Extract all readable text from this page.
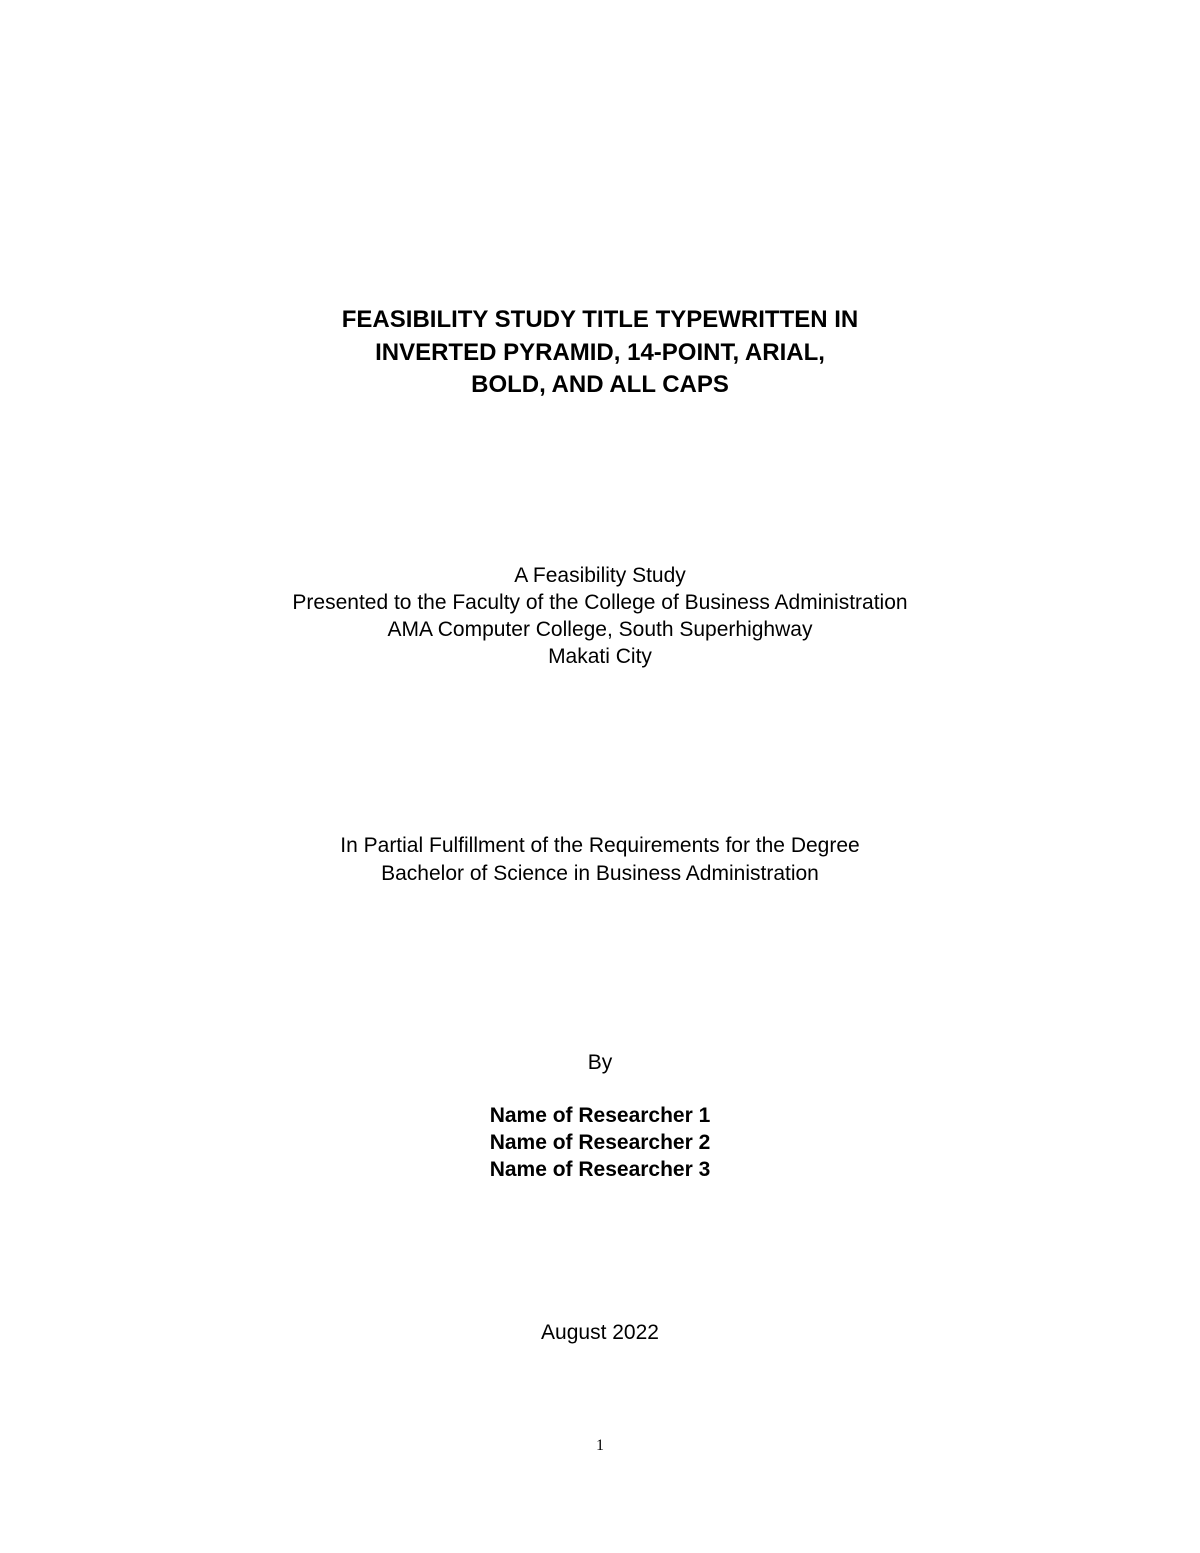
FEASIBILITY STUDY TITLE TYPEWRITTEN IN
INVERTED PYRAMID, 14-POINT, ARIAL,
BOLD, AND ALL CAPS
A Feasibility Study
Presented to the Faculty of the College of Business Administration
AMA Computer College, South Superhighway
Makati City
In Partial Fulfillment of the Requirements for the Degree
Bachelor of Science in Business Administration
By
Name of Researcher 1
Name of Researcher 2
Name of Researcher 3
August 2022
1
